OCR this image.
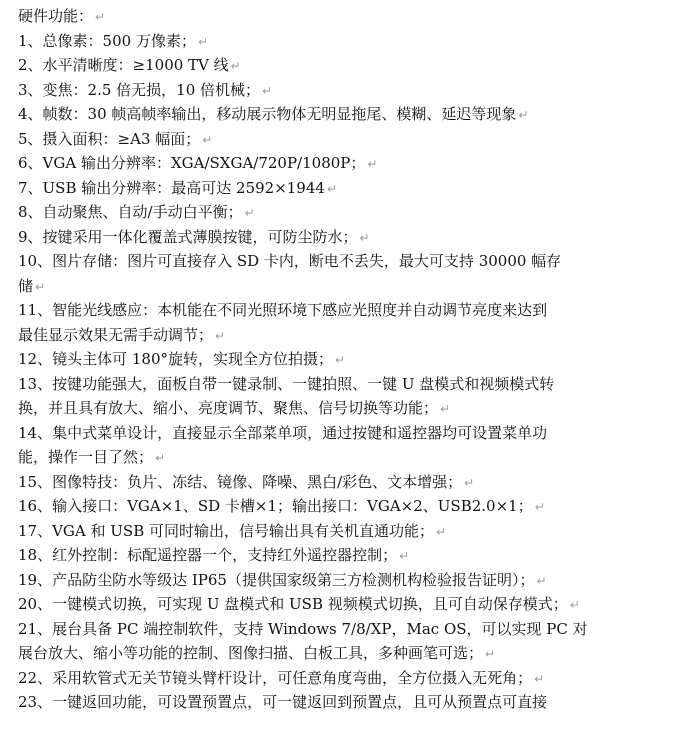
硬件功能： ↵
1、总像素：500 万像素； ↵
2、水平清晰度：≥1000 TV 线 ↵
3、变焦：2.5 倍无损，10 倍机械； ↵
4、帧数：30 帧高帧率输出，移动展示物体无明显拖尾、模糊、延迟等现象 ↵
5、摄入面积：≥A3 幅面； ↵
6、VGA 输出分辨率：XGA/SXGA/720P/1080P； ↵
7、USB 输出分辨率：最高可达 2592×1944 ↵
8、自动聚焦、自动/手动白平衡； ↵
9、按键采用一体化覆盖式薄膜按键，可防尘防水； ↵
10、图片存储：图片可直接存入 SD 卡内，断电不丢失，最大可支持 30000 幅存
储 ↵
11、智能光线感应：本机能在不同光照环境下感应光照度并自动调节亮度来达到
最佳显示效果无需手动调节； ↵
12、镜头主体可 180°旋转，实现全方位拍摄； ↵
13、按键功能强大，面板自带一键录制、一键拍照、一键 U 盘模式和视频模式转
换，并且具有放大、缩小、亮度调节、聚焦、信号切换等功能； ↵
14、集中式菜单设计，直接显示全部菜单项，通过按键和遥控器均可设置菜单功
能，操作一目了然； ↵
15、图像特技：负片、冻结、镜像、降噪、黑白/彩色、文本增强； ↵
16、输入接口：VGA×1、SD 卡槽×1；输出接口：VGA×2、USB2.0×1； ↵
17、VGA 和 USB 可同时输出，信号输出具有关机直通功能； ↵
18、红外控制：标配遥控器一个，支持红外遥控器控制； ↵
19、产品防尘防水等级达 IP65（提供国家级第三方检测机构检验报告证明）； ↵
20、一键模式切换，可实现 U 盘模式和 USB 视频模式切换，且可自动保存模式； ↵
21、展台具备 PC 端控制软件，支持 Windows 7/8/XP，Mac OS，可以实现 PC 对
展台放大、缩小等功能的控制、图像扫描、白板工具，多种画笔可选； ↵
22、采用软管式无关节镜头臂杆设计，可任意角度弯曲，全方位摄入无死角； ↵
23、一键返回功能，可设置预置点，可一键返回到预置点，且可从预置点可直接
